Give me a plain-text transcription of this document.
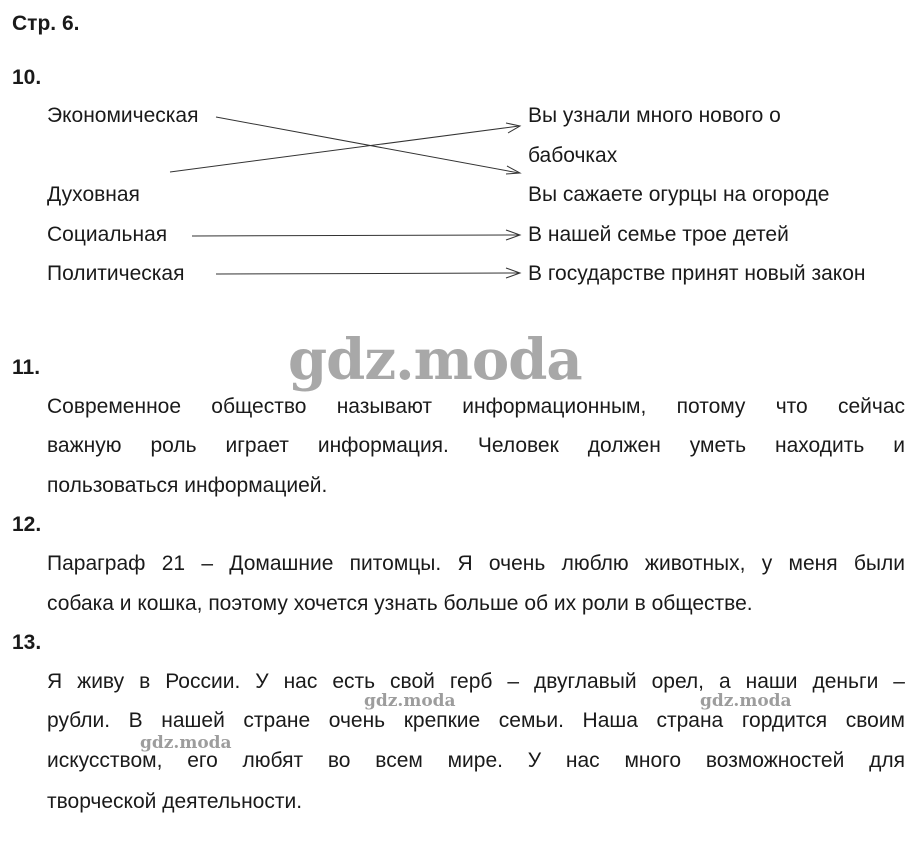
Стр. 6.
10.
Экономическая
Духовная
Социальная
Политическая
Вы узнали много нового о
бабочках
Вы сажаете огурцы на огороде
В нашей семье трое детей
В государстве принят новый закон
11.
Современное общество называют информационным, потому что сейчас
важную роль играет информация. Человек должен уметь находить и
пользоваться информацией.
12.
Параграф 21 – Домашние питомцы. Я очень люблю животных, у меня были
собака и кошка, поэтому хочется узнать больше об их роли в обществе.
13.
Я живу в России. У нас есть свой герб – двуглавый орел, а наши деньги –
рубли. В нашей стране очень крепкие семьи. Наша страна гордится своим
искусством, его любят во всем мире. У нас много возможностей для
творческой деятельности.
gdz.moda
gdz.moda	gdz.moda
gdz.moda
